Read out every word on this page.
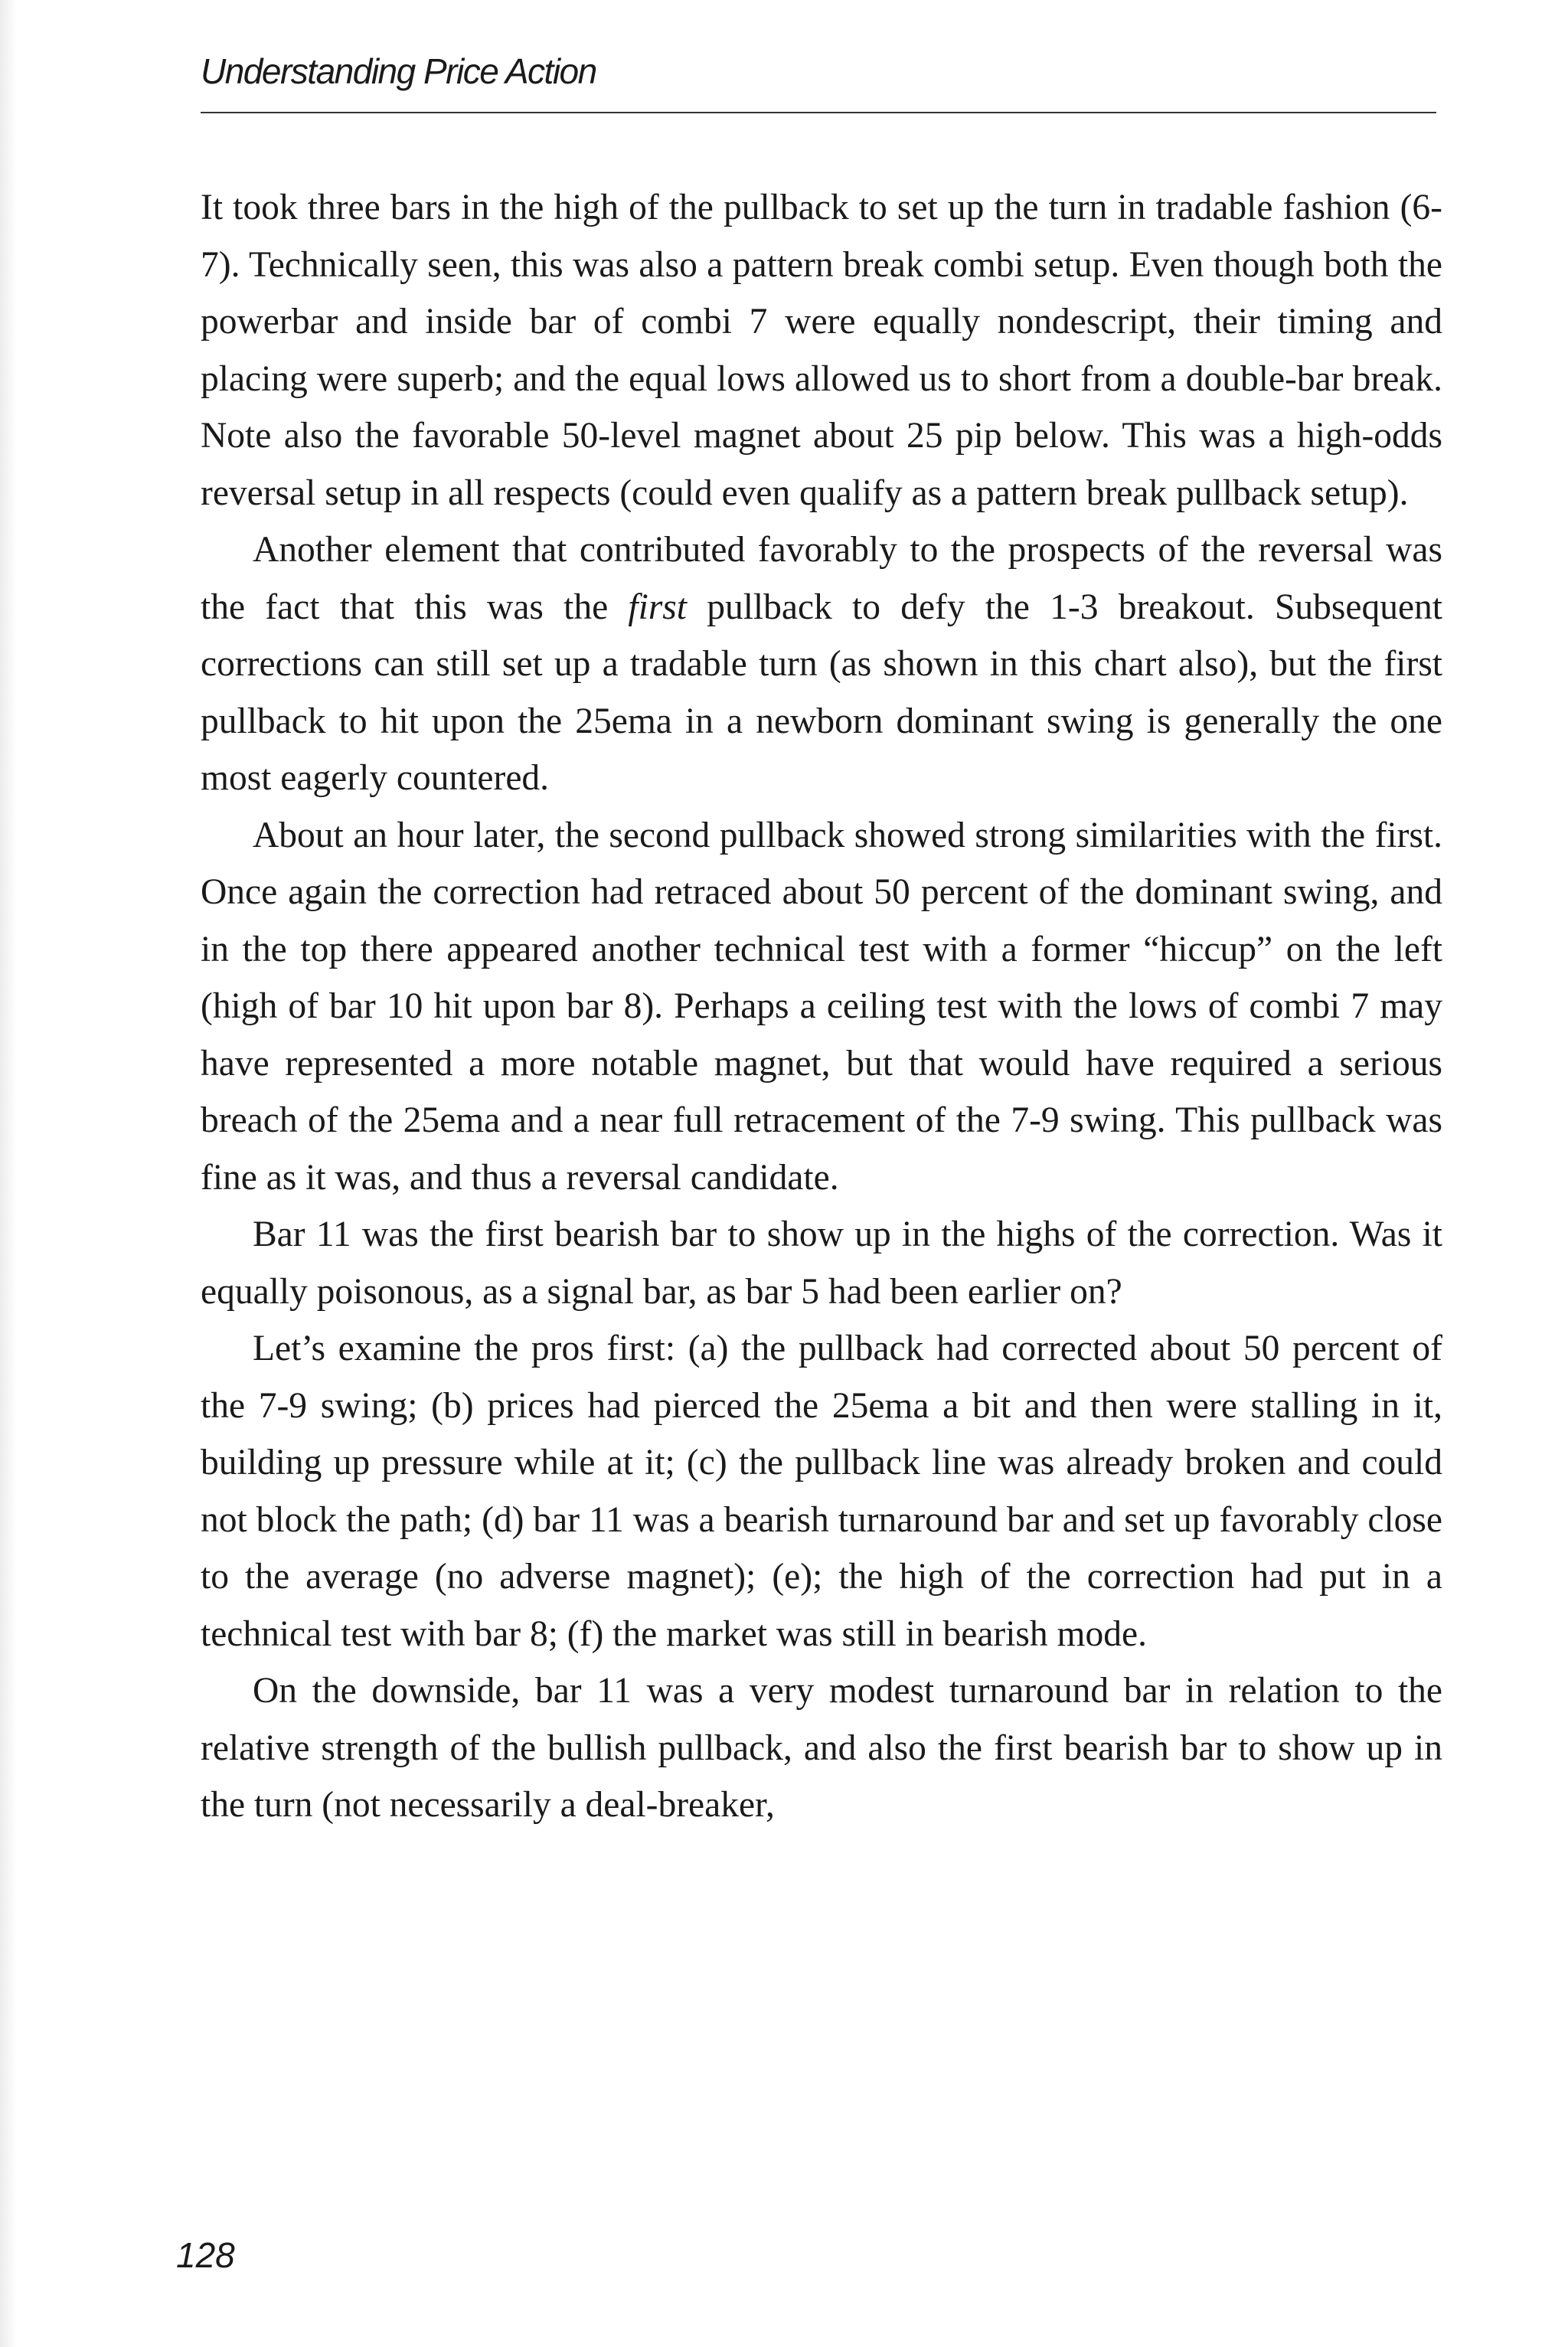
Understanding Price Action

It took three bars in the high of the pullback to set up the turn in tradable fashion (6-7). Technically seen, this was also a pattern break combi setup. Even though both the powerbar and inside bar of combi 7 were equally nondescript, their timing and placing were superb; and the equal lows allowed us to short from a double-bar break. Note also the favorable 50-level magnet about 25 pip below. This was a high-odds reversal setup in all respects (could even qualify as a pattern break pullback setup).

Another element that contributed favorably to the prospects of the reversal was the fact that this was the first pullback to defy the 1-3 breakout. Subsequent corrections can still set up a tradable turn (as shown in this chart also), but the first pullback to hit upon the 25ema in a newborn dominant swing is generally the one most eagerly countered.

About an hour later, the second pullback showed strong similarities with the first. Once again the correction had retraced about 50 percent of the dominant swing, and in the top there appeared another technical test with a former “hiccup” on the left (high of bar 10 hit upon bar 8). Perhaps a ceiling test with the lows of combi 7 may have represented a more notable magnet, but that would have required a serious breach of the 25ema and a near full retracement of the 7-9 swing. This pullback was fine as it was, and thus a reversal candidate.

Bar 11 was the first bearish bar to show up in the highs of the correction. Was it equally poisonous, as a signal bar, as bar 5 had been earlier on?

Let’s examine the pros first: (a) the pullback had corrected about 50 percent of the 7-9 swing; (b) prices had pierced the 25ema a bit and then were stalling in it, building up pressure while at it; (c) the pullback line was already broken and could not block the path; (d) bar 11 was a bearish turnaround bar and set up favorably close to the average (no adverse magnet); (e); the high of the correction had put in a technical test with bar 8; (f) the market was still in bearish mode.

On the downside, bar 11 was a very modest turnaround bar in relation to the relative strength of the bullish pullback, and also the first bearish bar to show up in the turn (not necessarily a deal-breaker,

128
